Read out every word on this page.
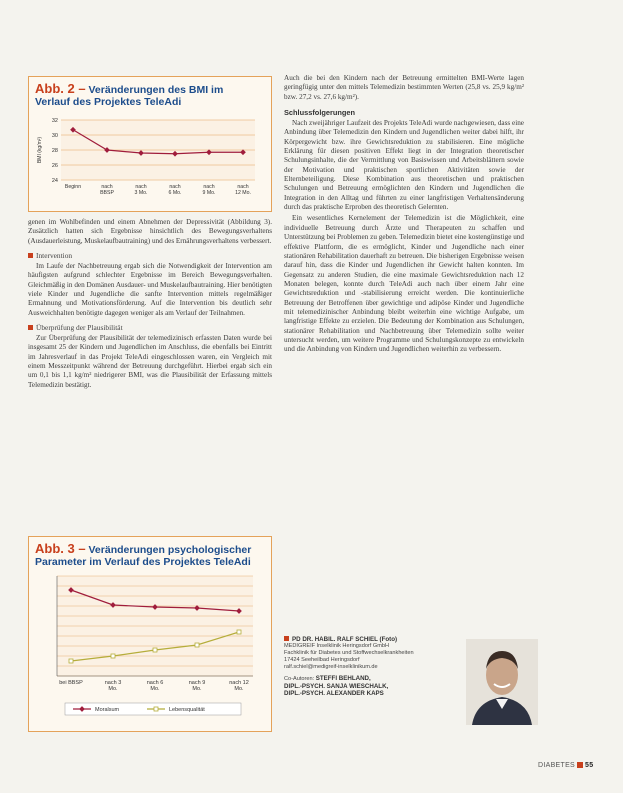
Abb. 2 – Veränderungen des BMI im
Verlauf des Projektes TeleAdi
24
26
28
30
32
BMI (kg/m²)
Beginn	nach BBSP
nach 3 Mo.
nach 6 Mo.
nach 9 Mo.
nach 12 Mo.

genen im Wohlbefinden und einem Abnehmen der Depressivität (Abbildung 3). Zusätzlich hatten sich Ergebnisse hinsichtlich des Bewegungsverhaltens (Ausdauerleistung, Muskelaufbautraining) und des Ernährungsverhaltens verbessert.

Intervention

Im Laufe der Nachbetreuung ergab sich die Notwendigkeit der Intervention am häufigsten aufgrund schlechter Ergebnisse im Bereich Bewegungsverhalten. Gleichmäßig in den Domänen Ausdauer- und Muskelaufbautraining. Hier benötigten viele Kinder und Jugendliche die sanfte Intervention mittels regelmäßiger Ermahnung und Motivationsförderung. Auf die Intervention bis deutlich sehr Ausweichhalten benötigte dagegen weniger als am Verlauf der Teilnahmen.

Überprüfung der Plausibilität

Zur Überprüfung der Plausibilität der telemedizinisch erfassten Daten wurde bei insgesamt 25 der Kindern und Jugendlichen im Anschluss, die ebenfalls bei Eintritt im Jahresverlauf in das Projekt TeleAdi eingeschlossen waren, ein Vergleich mit einem Messzeitpunkt während der Betreuung durchgeführt. Hierbei ergab sich ein um 0,1 bis 1,1 kg/m² niedrigerer BMI, was die Plausibilität der Erfassung mittels Telemedizin bestätigt.

Abb. 3 – Veränderungen psychologischer
Parameter im Verlauf des Projektes TeleAdi
bei BBSP	nach 3 Mo.
nach 6 Mo.
nach 9 Mo.
nach 12 Mo.
Moralsum	Lebensqualität

Auch die bei den Kindern nach der Betreuung ermittelten BMI-Werte lagen geringfügig unter den mittels Telemedizin bestimmten Werten (25,8 vs. 25,9 kg/m² bzw. 27,2 vs. 27,6 kg/m²).

Schlussfolgerungen

Nach zweijähriger Laufzeit des Projekts TeleAdi wurde nachgewiesen, dass eine Anbindung über Telemedizin den Kindern und Jugendlichen weiter dabei hilft, ihr Körpergewicht bzw. ihre Gewichtsreduktion zu stabilisieren. Eine mögliche Erklärung für diesen positiven Effekt liegt in der Integration theoretischer Schulungsinhalte, die der Vermittlung von Basiswissen und Arbeitsblättern sowie der Motivation und praktischen sportlichen Aktivitäten sowie der Elternbeteiligung. Diese Kombination aus theoretischen und praktischen Schulungen und Betreuung ermöglichten den Kindern und Jugendlichen die Integration in den Alltag und führten zu einer langfristigen Verhaltensänderung durch das praktische Erproben des theoretisch Gelernten.

Ein wesentliches Kernelement der Telemedizin ist die Möglichkeit, eine individuelle Betreuung durch Ärzte und Therapeuten zu schaffen und Unterstützung bei Problemen zu geben. Telemedizin bietet eine kostengünstige und effektive Plattform, die es ermöglicht, Kinder und Jugendliche nach einer stationären Rehabilitation dauerhaft zu betreuen. Die bisherigen Ergebnisse weisen darauf hin, dass die Kinder und Jugendlichen ihr Gewicht halten konnten. Im Gegensatz zu anderen Studien, die eine maximale Gewichtsreduktion nach 12 Monaten belegen, konnte durch TeleAdi auch nach über einem Jahr eine Gewichtsreduktion und -stabilisierung erreicht werden. Die kontinuierliche Betreuung der Betroffenen über gewichtige und adipöse Kinder und Jugendliche mit telemedizinischer Anbindung bleibt weiterhin eine wichtige Aufgabe, um langfristige Effekte zu erzielen. Die Bedeutung der Kombination aus Schulungen, stationärer Rehabilitation und Nachbetreuung über Telemedizin sollte weiter untersucht werden, um weitere Programme und Schulungskonzepte zu entwickeln und die Anbindung von Kindern und Jugendlichen weiterhin zu verbessern.

PD DR. HABIL. RALF SCHIEL (Foto)
MEDIGREIF Inselklinik Heringsdorf GmbH
Fachklinik für Diabetes und Stoffwechselkrankheiten
17424 Seeheilbad Heringsdorf
ralf.schiel@medigreif-inselklinikum.de
Co-Autoren: STEFFI BEHLAND,
DIPL.-PSYCH. SANJA WIESCHALK,
DIPL.-PSYCH. ALEXANDER KAPS
DIABETES 55
